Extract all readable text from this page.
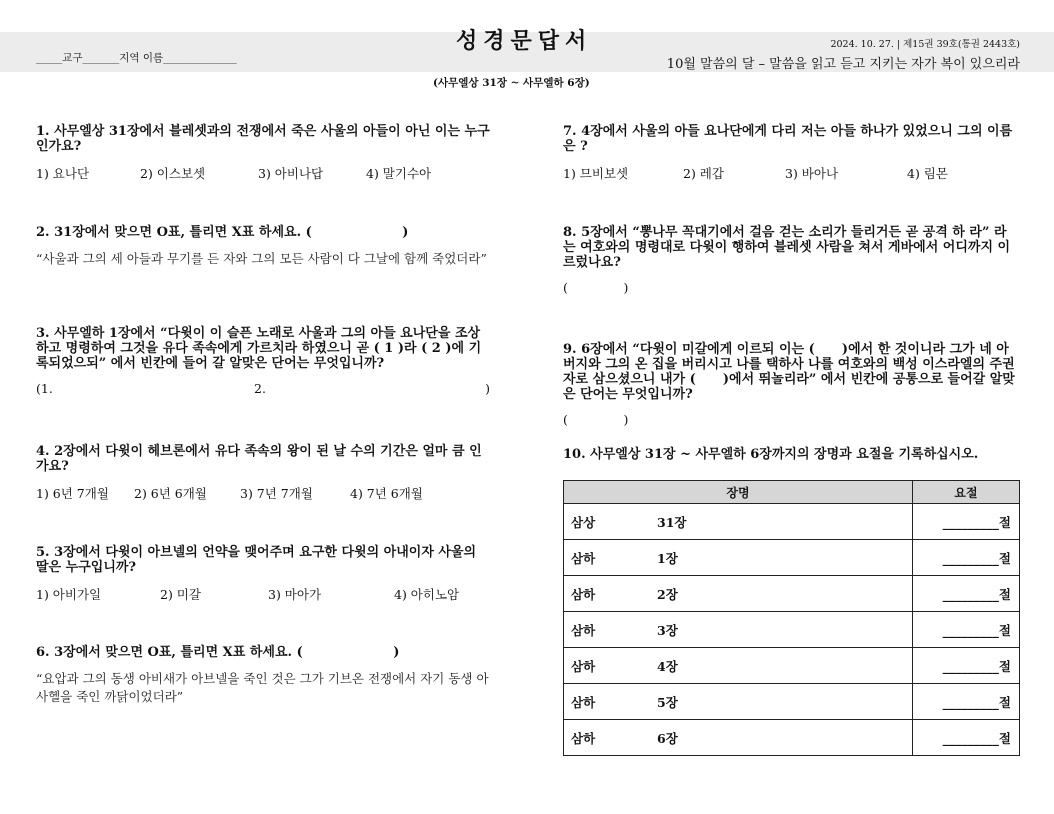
성경문답서
_____교구_______지역 이름______________
2024. 10. 27. | 제15권 39호(통권 2443호)
10월 말씀의 달 – 말씀을 읽고 듣고 지키는 자가 복이 있으리라
(사무엘상 31장 ~ 사무엘하 6장)
1. 사무엘상 31장에서 블레셋과의 전쟁에서 죽은 사울의 아들이 아닌 이는 누구인가요?
1) 요나단	2) 이스보셋	3) 아비나답	4) 말기수아
2. 31장에서 맞으면 O표, 틀리면 X표 하세요. (                    )
“사울과 그의 세 아들과 무기를 든 자와 그의 모든 사람이 다 그날에 함께 죽었더라”
3. 사무엘하 1장에서 “다윗이 이 슬픈 노래로 사울과 그의 아들 요나단을 조상하고 명령하여 그것을 유다 족속에게 가르치라 하였으니 곧 ( 1 )라 ( 2 )에 기록되었으되” 에서 빈칸에 들어 갈 알맞은 단어는 무엇입니까?
(1.	2.	)
4. 2장에서 다윗이 헤브론에서 유다 족속의 왕이 된 날 수의 기간은 얼마 큼 인가요?
1) 6년 7개월 2) 6년 6개월	3) 7년 7개월	4) 7년 6개월
5. 3장에서 다윗이 아브넬의 언약을 맺어주며 요구한 다윗의 아내이자 사울의 딸은 누구입니까?
1) 아비가일	2) 미갈	3) 마아가	4) 아히노암
6. 3장에서 맞으면 O표, 틀리면 X표 하세요. (                    )
“요압과 그의 동생 아비새가 아브넬을 죽인 것은 그가 기브온 전쟁에서 자기 동생 아사헬을 죽인 까닭이었더라”
7. 4장에서 사울의 아들 요나단에게 다리 저는 아들 하나가 있었으니 그의 이름은 ?
1) 므비보셋	2) 레갑	3) 바아나	4) 림몬
8. 5장에서 “뽕나무 꼭대기에서 걸음 걷는 소리가 들리거든 곧 공격 하 라” 라는 여호와의 명령대로 다윗이 행하여 블레셋 사람을 쳐서 게바에서 어디까지 이르렀나요?
(              )
9. 6장에서 “다윗이 미갈에게 이르되 이는 (      )에서 한 것이니라 그가 네 아버지와 그의 온 집을 버리시고 나를 택하사 나를 여호와의 백성 이스라엘의 주권자로 삼으셨으니 내가 (      )에서 뛰놀리라” 에서 빈칸에 공통으로 들어갈 알맞은 단어는 무엇입니까?
(              )
10. 사무엘상 31장 ~ 사무엘하 6장까지의 장명과 요절을 기록하십시오.
장명	요절
삼상 31장	_________절
삼하 1장	_________절
삼하 2장	_________절
삼하 3장	_________절
삼하 4장	_________절
삼하 5장	_________절
삼하 6장	_________절
